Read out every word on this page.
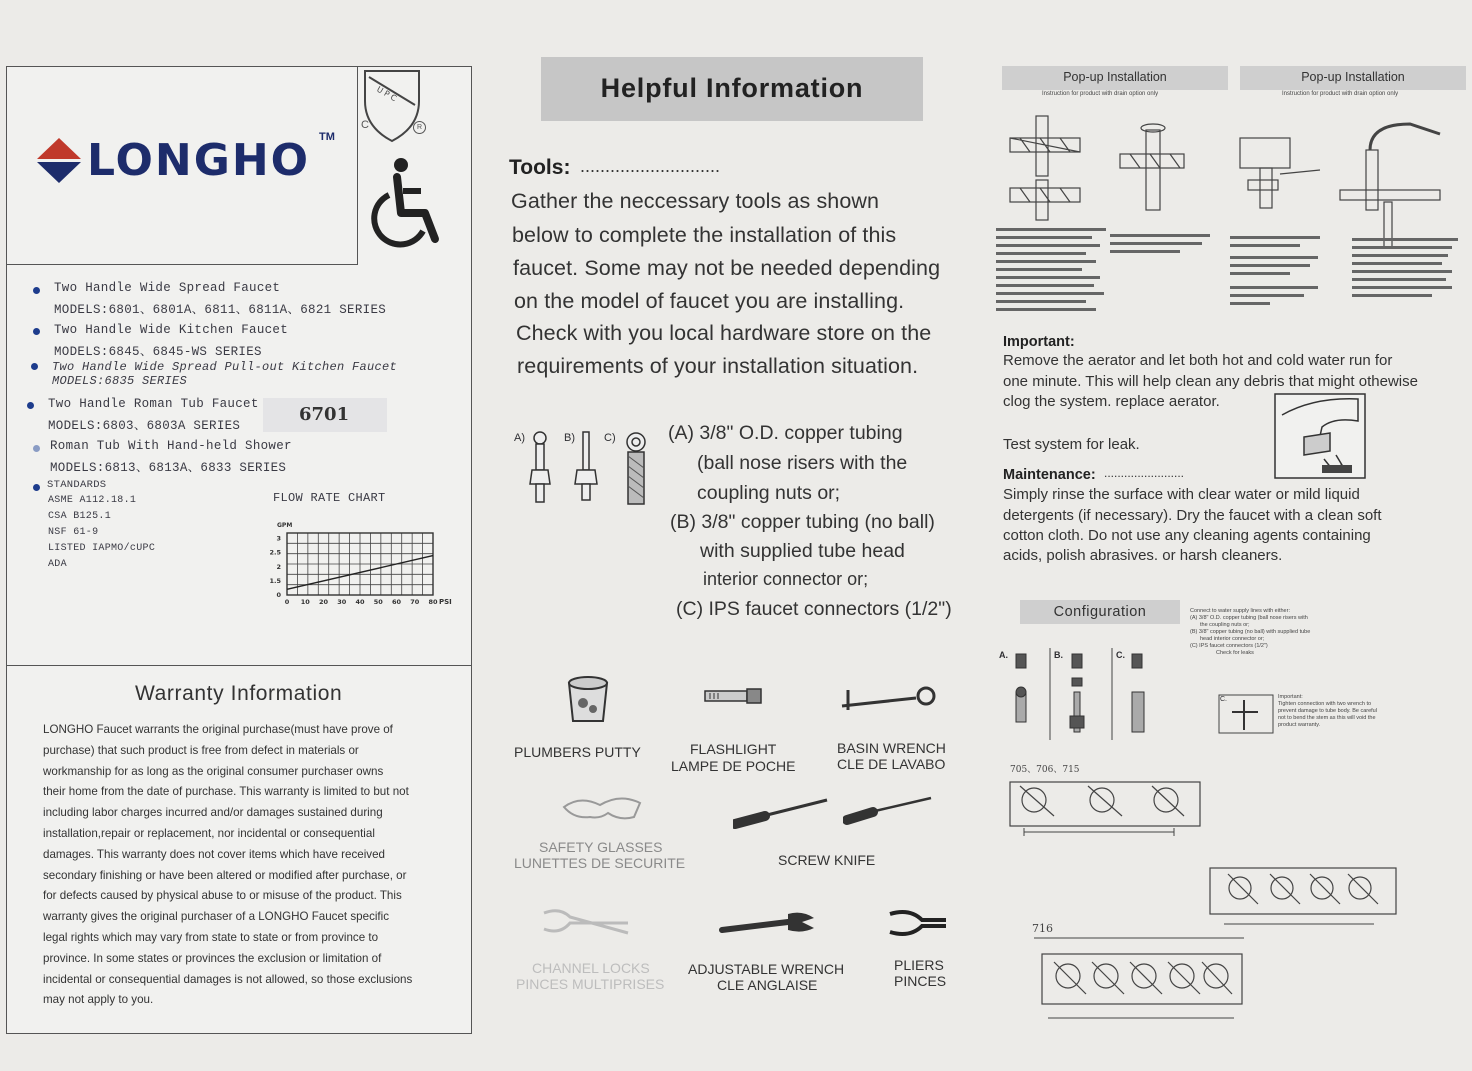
LONGHO TM
U P C
C	R
Two Handle Wide Spread Faucet
MODELS:6801、6801A、6811、6811A、6821 SERIES
Two Handle Wide Kitchen Faucet
MODELS:6845、6845-WS SERIES
Two Handle Wide Spread Pull-out Kitchen Faucet
MODELS:6835 SERIES
Two Handle Roman Tub Faucet
MODELS:6803、6803A SERIES
6701
Roman Tub With Hand-held Shower
MODELS:6813、6813A、6833 SERIES
STANDARDS
ASME A112.18.1
CSA B125.1
NSF 61-9
LISTED IAPMO/cUPC
ADA
FLOW RATE CHART
0 10 20 30 40 50 60 70 80
0
1.5
2
2.5
3
GPM
PSI
Warranty Information
LONGHO Faucet warrants the original purchase(must have prove of
purchase) that such product is free from defect in materials or
workmanship for as long as the original consumer purchaser owns
their home from the date of purchase. This warranty is limited to but not
including labor charges incurred and/or damages sustained during
installation,repair or replacement, nor incidental or consequential
damages. This warranty does not cover items which have received
secondary finishing or have been altered or modified after purchase, or
for defects caused by physical abuse to or misuse of the product. This
warranty gives the original purchaser of a LONGHO Faucet specific
legal rights which may vary from state to state or from province to
province. In some states or provinces the exclusion or limitation of
incidental or consequential damages is not allowed, so those exclusions
may not apply to you.
Helpful Information
Tools: ............................
Gather the neccessary tools as shown
below to complete the installation of this
faucet. Some may not be needed depending
on the model of faucet you are installing.
Check with you local hardware store on the
requirements of your installation situation.
A)	B)	C)	(A) 3/8" O.D. copper tubing
(ball nose risers with the
coupling nuts or;
(B) 3/8" copper tubing (no ball)
with supplied tube head
interior connector or;
(C) IPS faucet connectors (1/2")
PLUMBERS PUTTY	FLASHLIGHT
LAMPE DE POCHE
BASIN WRENCH
CLE DE LAVABO
SAFETY GLASSES
LUNETTES DE SECURITE	SCREW KNIFE
CHANNEL LOCKS
PINCES MULTIPRISES
ADJUSTABLE WRENCH
CLE ANGLAISE
PLIERS
PINCES
Pop-up Installation
Instruction for product with drain option only
Pop-up Installation
Instruction for product with drain option only
Important:
Remove the aerator and let both hot and cold water run for
one minute. This will help clean any debris that might othewise
clog the system. replace aerator.
Test system for leak.
Maintenance: ........................
Simply rinse the surface with clear water or mild liquid
detergents (if necessary). Dry the faucet with a clean soft
cotton cloth. Do not use any cleaning agents containing
acids, polish abrasives. or harsh cleaners.
Configuration	Connect to water supply lines with either:
(A) 3/8" O.D. copper tubing (ball nose risers with
the coupling nuts or;
(B) 3/8" copper tubing (no ball) with supplied tube
head interior connector or;
(C) IPS faucet connectors (1/2")
Check for leaks
A.	B.	C.
C.	Important:
Tighten connection with two wrench to
prevent damage to tube body. Be careful
not to bend the stem as this will void the
product warranty.
705、706、715
716
